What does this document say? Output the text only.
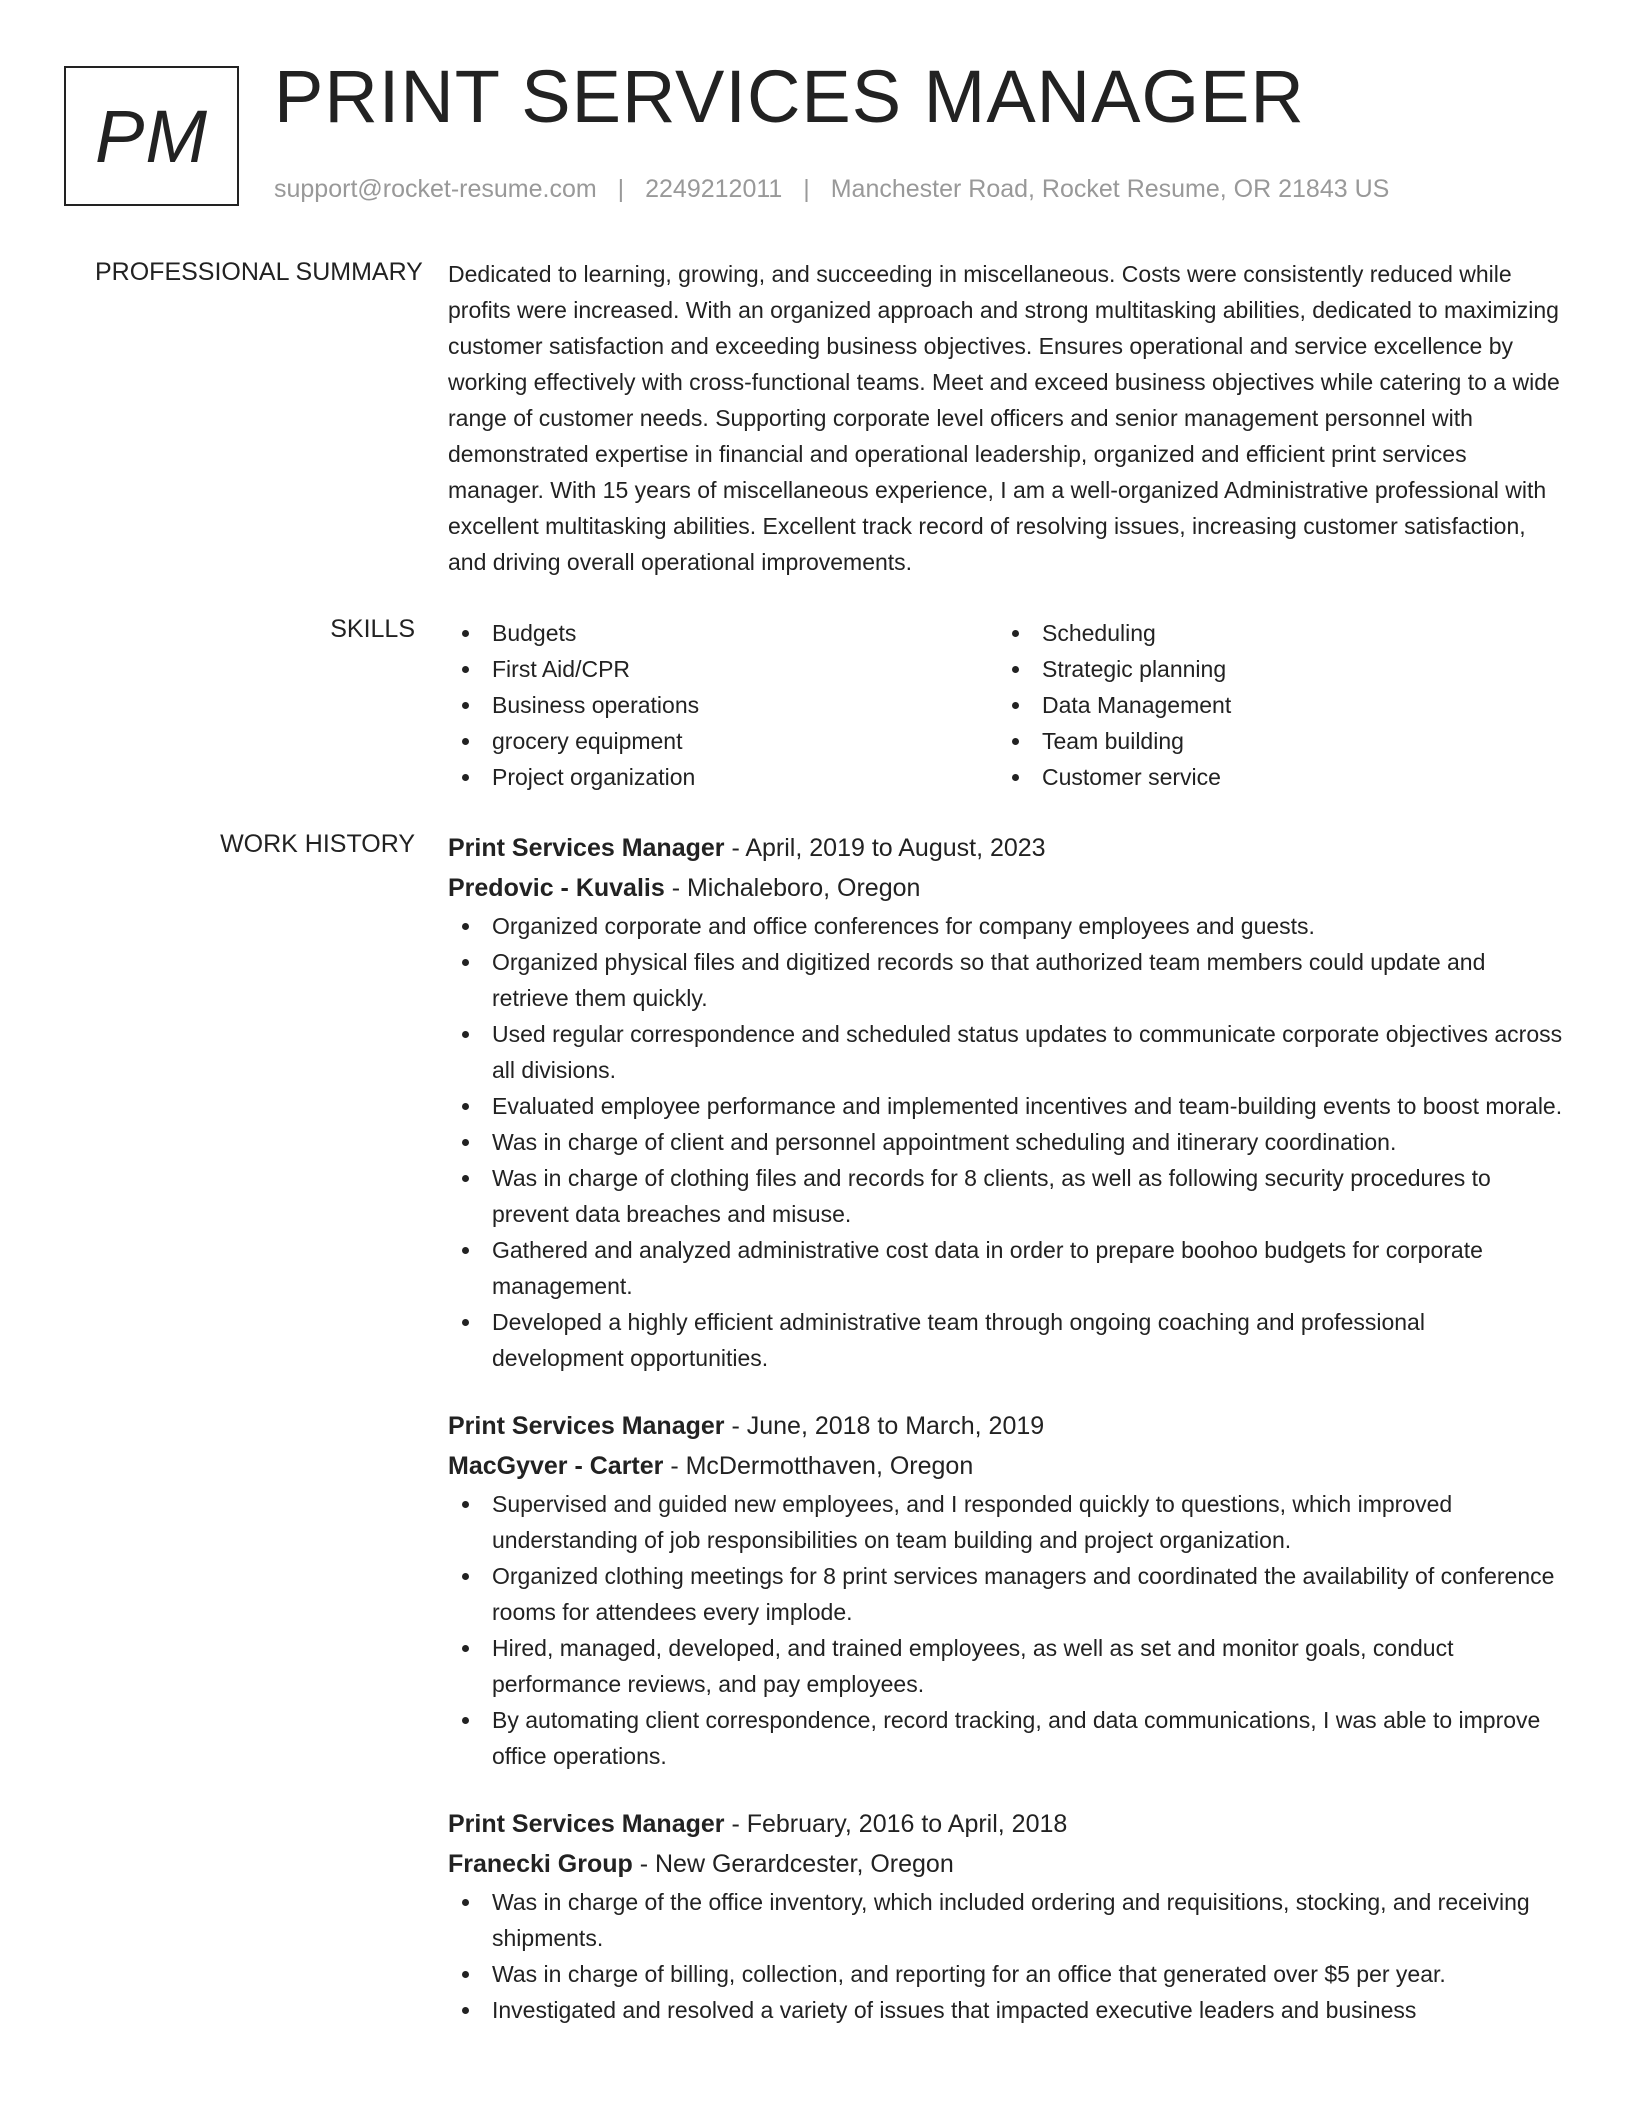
PM PRINT SERVICES MANAGER
support@rocket-resume.com | 2249212011 | Manchester Road, Rocket Resume, OR 21843 US
PROFESSIONAL SUMMARY Dedicated to learning, growing, and succeeding in miscellaneous. Costs were consistently reduced while profits were increased. With an organized approach and strong multitasking abilities, dedicated to maximizing customer satisfaction and exceeding business objectives. Ensures operational and service excellence by working effectively with cross-functional teams. Meet and exceed business objectives while catering to a wide range of customer needs. Supporting corporate level officers and senior management personnel with demonstrated expertise in financial and operational leadership, organized and efficient print services manager. With 15 years of miscellaneous experience, I am a well-organized Administrative professional with excellent multitasking abilities. Excellent track record of resolving issues, increasing customer satisfaction, and driving overall operational improvements.

SKILLS	Budgets
First Aid/CPR
Business operations
grocery equipment
Project organization
Scheduling
Strategic planning
Data Management
Team building
Customer service
WORK HISTORY Print Services Manager - April, 2019 to August, 2023
Predovic - Kuvalis - Michaleboro, Oregon
Organized corporate and office conferences for company employees and guests.
Organized physical files and digitized records so that authorized team members could update and retrieve them quickly.
Used regular correspondence and scheduled status updates to communicate corporate objectives across all divisions.
Evaluated employee performance and implemented incentives and team-building events to boost morale.
Was in charge of client and personnel appointment scheduling and itinerary coordination.
Was in charge of clothing files and records for 8 clients, as well as following security procedures to prevent data breaches and misuse.
Gathered and analyzed administrative cost data in order to prepare boohoo budgets for corporate management.
Developed a highly efficient administrative team through ongoing coaching and professional development opportunities.
Print Services Manager - June, 2018 to March, 2019
MacGyver - Carter - McDermotthaven, Oregon
Supervised and guided new employees, and I responded quickly to questions, which improved understanding of job responsibilities on team building and project organization.
Organized clothing meetings for 8 print services managers and coordinated the availability of conference rooms for attendees every implode.
Hired, managed, developed, and trained employees, as well as set and monitor goals, conduct performance reviews, and pay employees.
By automating client correspondence, record tracking, and data communications, I was able to improve office operations.
Print Services Manager - February, 2016 to April, 2018
Franecki Group - New Gerardcester, Oregon
Was in charge of the office inventory, which included ordering and requisitions, stocking, and receiving shipments.
Was in charge of billing, collection, and reporting for an office that generated over $5 per year.
Investigated and resolved a variety of issues that impacted executive leaders and business
